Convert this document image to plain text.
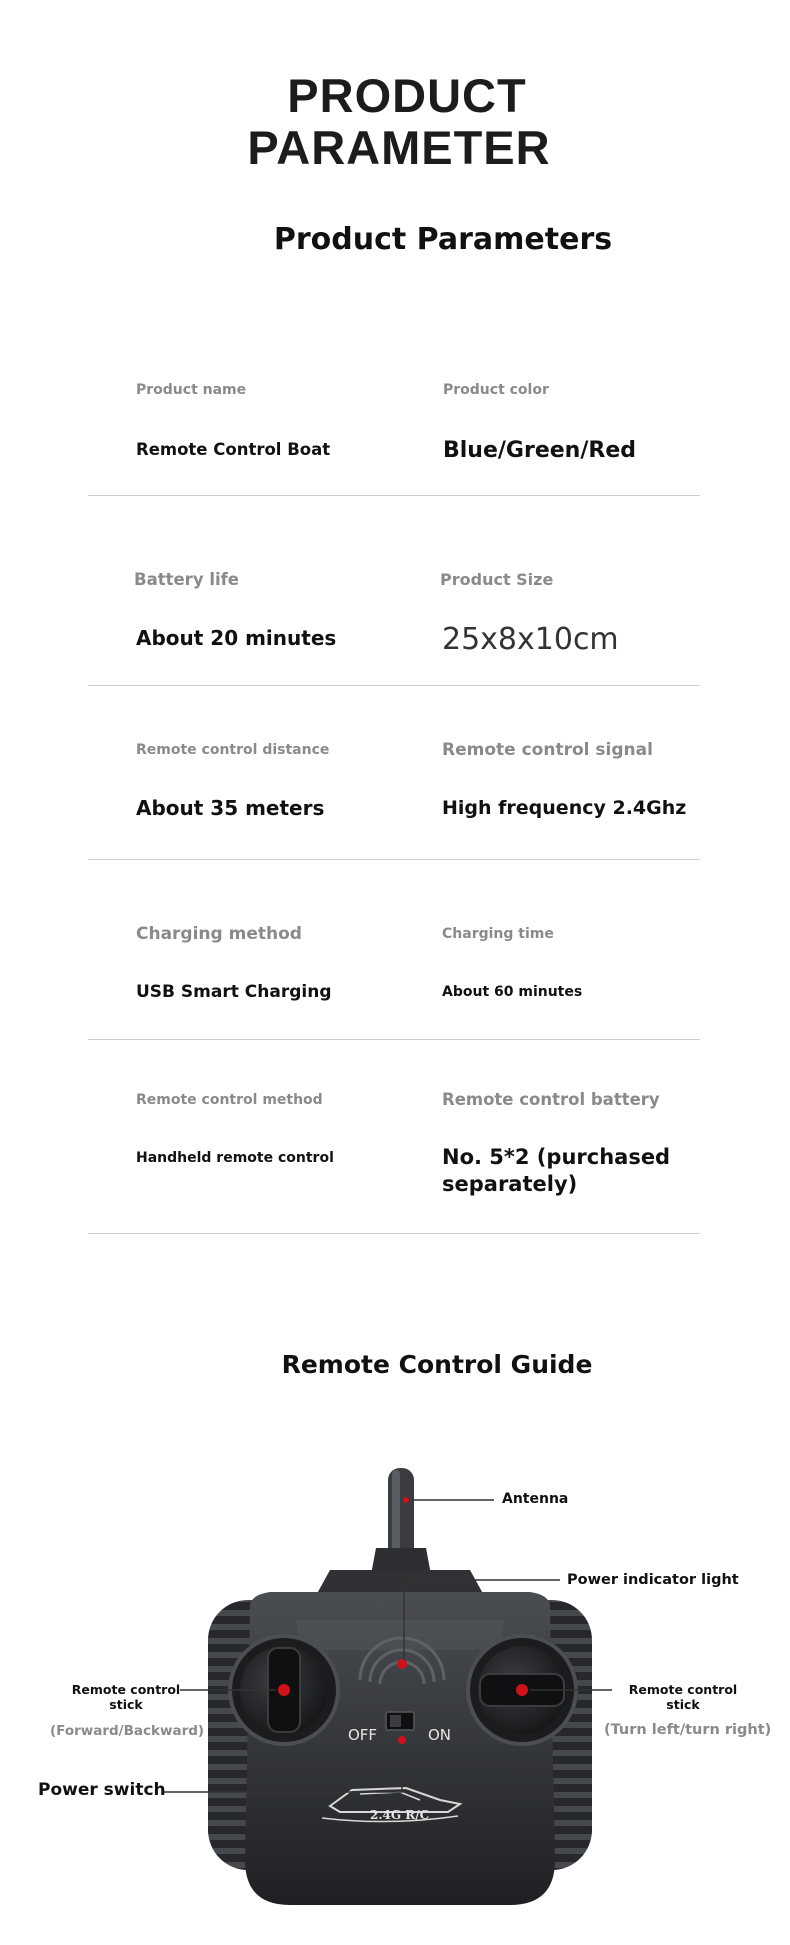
PRODUCT
PARAMETER
Product Parameters
Product name
Remote Control Boat
Product color
Blue/Green/Red
Battery life
About 20 minutes
Product Size
25x8x10cm
Remote control distance
About 35 meters
Remote control signal
High frequency 2.4Ghz
Charging method
USB Smart Charging
Charging time
About 60 minutes
Remote control method
Handheld remote control
Remote control battery
No. 5*2 (purchased separately)
Remote Control Guide
Antenna
Power indicator light
Remote control stick
(Forward/Backward)
Remote control stick
(Turn left/turn right)
Power switch
OFF	ON
2.4G R/C
